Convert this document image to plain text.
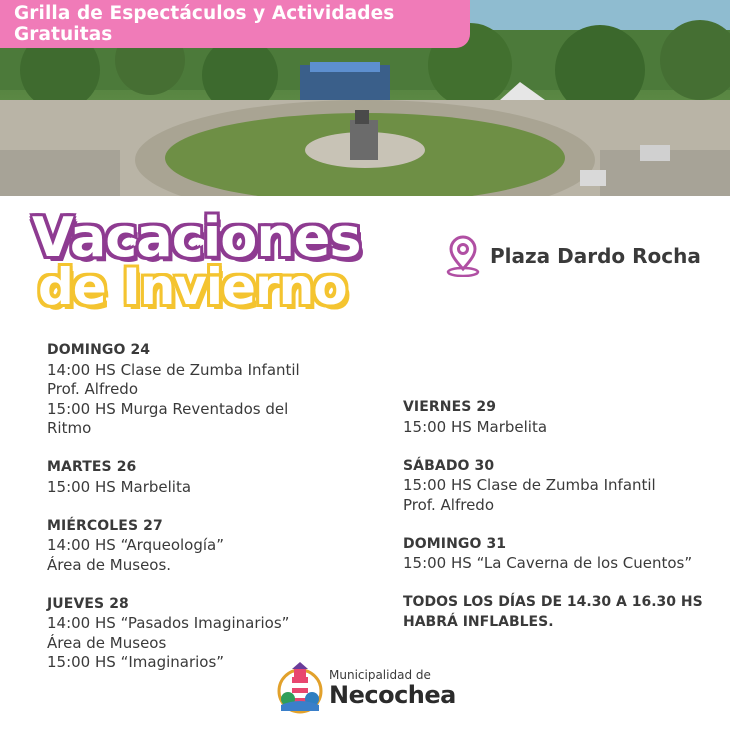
Grilla de Espectáculos y Actividades Gratuitas
Vacaciones
de Invierno
Plaza Dardo Rocha
DOMINGO 24
14:00 HS Clase de Zumba Infantil
Prof. Alfredo
15:00 HS Murga Reventados del
Ritmo
MARTES 26
15:00 HS Marbelita
MIÉRCOLES 27
14:00 HS “Arqueología”
Área de Museos.
JUEVES 28
14:00 HS “Pasados Imaginarios”
Área de Museos
15:00 HS “Imaginarios”
VIERNES 29
15:00 HS Marbelita
SÁBADO 30
15:00 HS Clase de Zumba Infantil
Prof. Alfredo
DOMINGO 31
15:00 HS “La Caverna de los Cuentos”
TODOS LOS DÍAS DE 14.30 A 16.30 HS
HABRÁ INFLABLES.
Municipalidad de
Necochea
